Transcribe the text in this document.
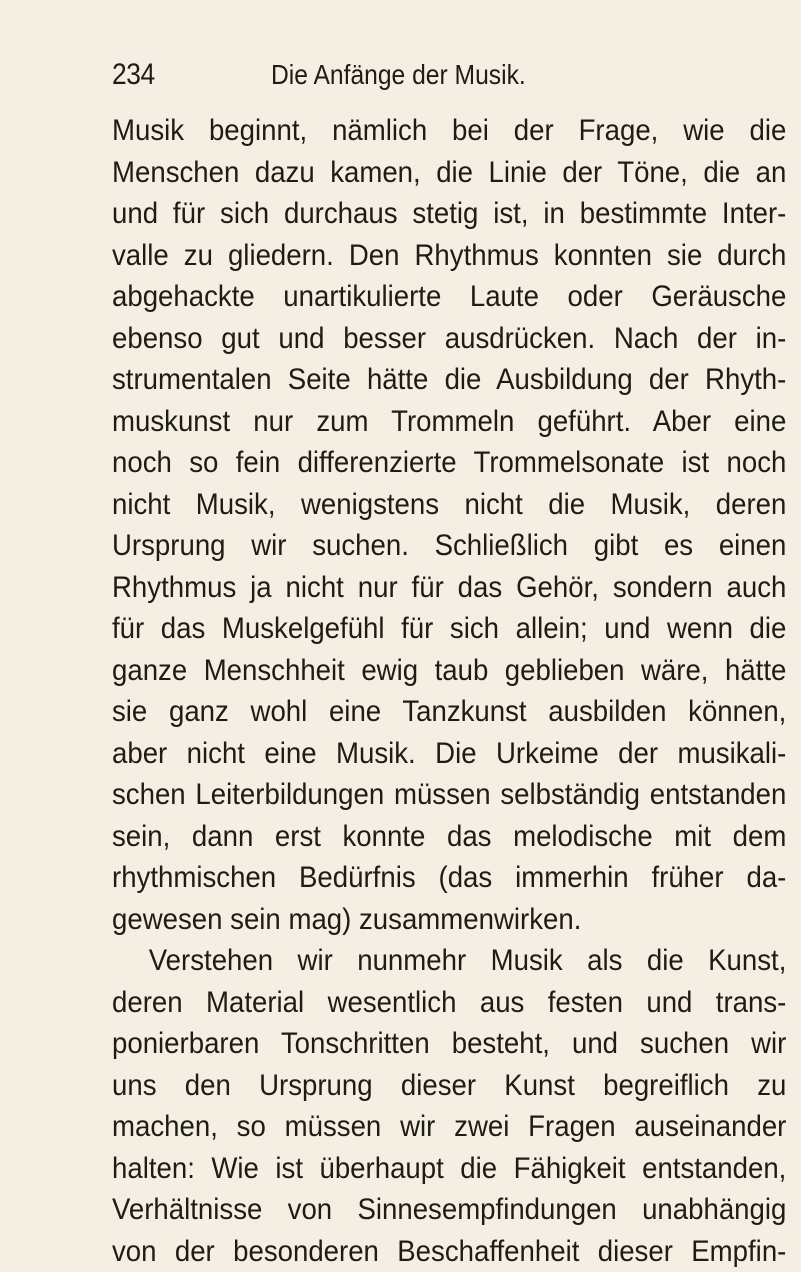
234	Die Anfänge der Musik.
Musik beginnt, nämlich bei der Frage, wie die
Menschen dazu kamen, die Linie der Töne, die an
und für sich durchaus stetig ist, in bestimmte Inter-
valle zu gliedern. Den Rhythmus konnten sie durch
abgehackte unartikulierte Laute oder Geräusche
ebenso gut und besser ausdrücken. Nach der in-
strumentalen Seite hätte die Ausbildung der Rhyth-
muskunst nur zum Trommeln geführt. Aber eine
noch so fein differenzierte Trommelsonate ist noch
nicht Musik, wenigstens nicht die Musik, deren
Ursprung wir suchen. Schließlich gibt es einen
Rhythmus ja nicht nur für das Gehör, sondern auch
für das Muskelgefühl für sich allein; und wenn die
ganze Menschheit ewig taub geblieben wäre, hätte
sie ganz wohl eine Tanzkunst ausbilden können,
aber nicht eine Musik. Die Urkeime der musikali-
schen Leiterbildungen müssen selbständig entstanden
sein, dann erst konnte das melodische mit dem
rhythmischen Bedürfnis (das immerhin früher da-
gewesen sein mag) zusammenwirken.
Verstehen wir nunmehr Musik als die Kunst,
deren Material wesentlich aus festen und trans-
ponierbaren Tonschritten besteht, und suchen wir
uns den Ursprung dieser Kunst begreiflich zu
machen, so müssen wir zwei Fragen auseinander
halten: Wie ist überhaupt die Fähigkeit entstanden,
Verhältnisse von Sinnesempfindungen unabhängig
von der besonderen Beschaffenheit dieser Empfin-
